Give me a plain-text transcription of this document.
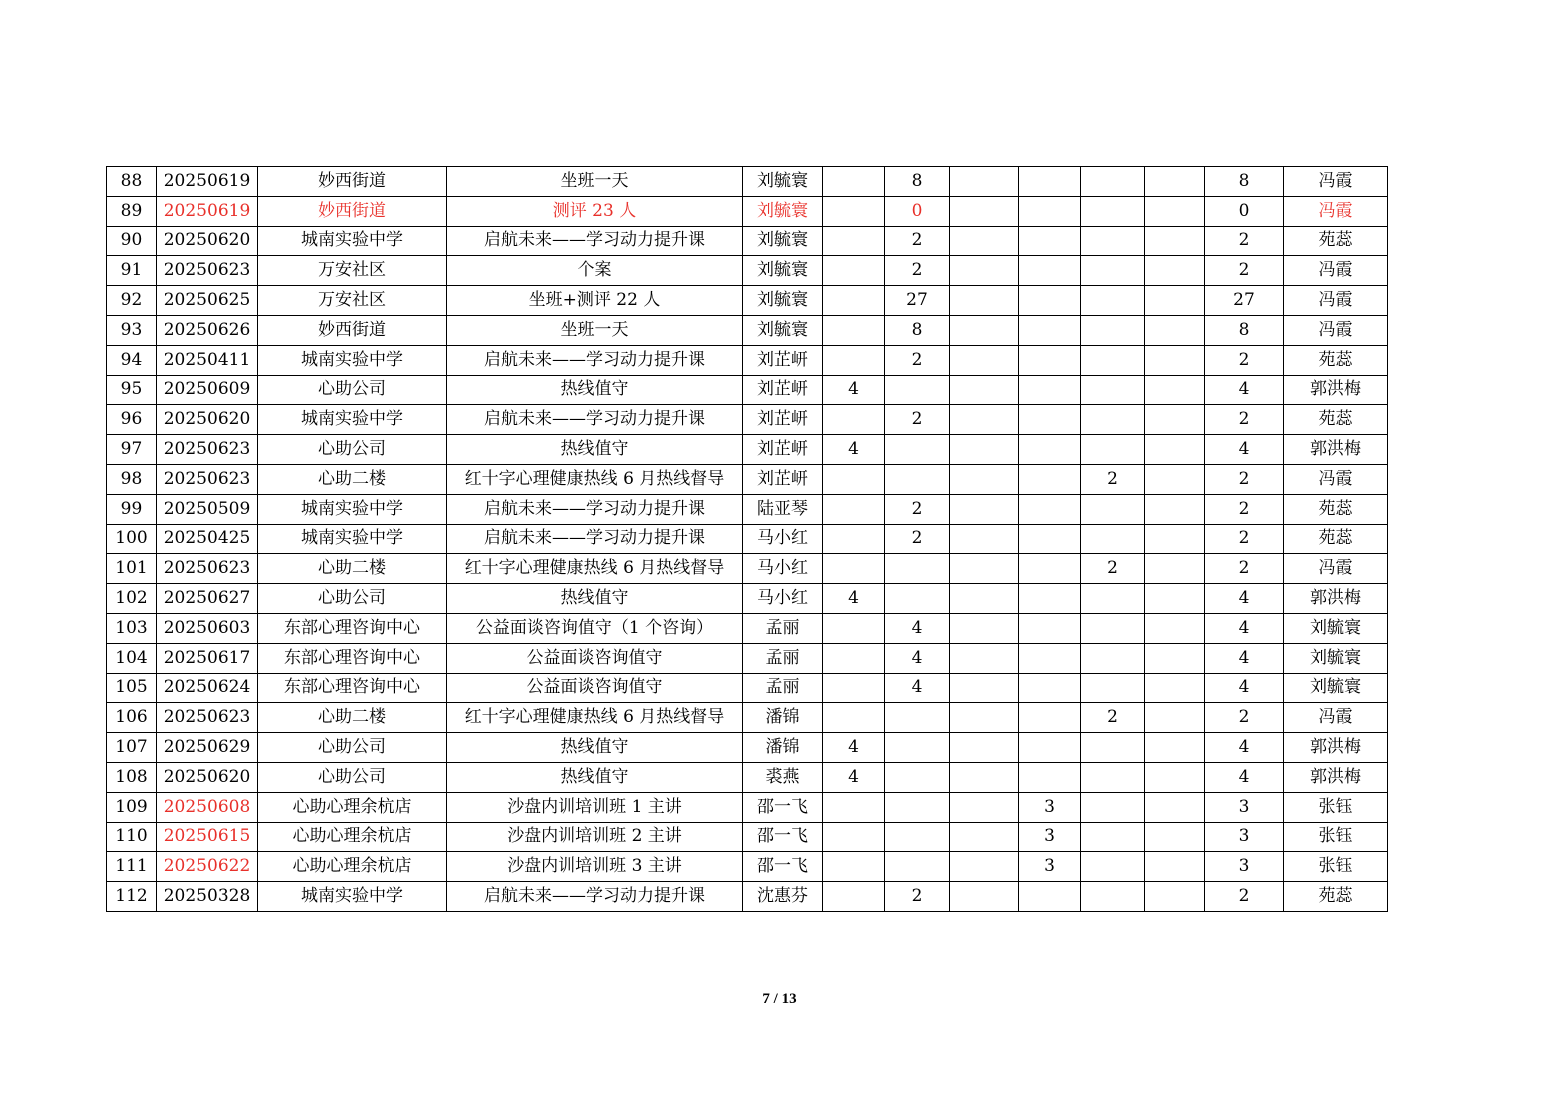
88	20250619	妙西街道	坐班一天	刘毓寰		8					8	冯霞
89	20250619	妙西街道	测评 23 人	刘毓寰		0					0	冯霞
90	20250620	城南实验中学	启航未来——学习动力提升课	刘毓寰		2					2	苑蕊
91	20250623	万安社区	个案	刘毓寰		2					2	冯霞
92	20250625	万安社区	坐班+测评 22 人	刘毓寰		27					27	冯霞
93	20250626	妙西街道	坐班一天	刘毓寰		8					8	冯霞
94	20250411	城南实验中学	启航未来——学习动力提升课	刘芷岍		2					2	苑蕊
95	20250609	心助公司	热线值守	刘芷岍	4						4	郭洪梅
96	20250620	城南实验中学	启航未来——学习动力提升课	刘芷岍		2					2	苑蕊
97	20250623	心助公司	热线值守	刘芷岍	4						4	郭洪梅
98	20250623	心助二楼	红十字心理健康热线 6 月热线督导	刘芷岍					2		2	冯霞
99	20250509	城南实验中学	启航未来——学习动力提升课	陆亚琴		2					2	苑蕊
100	20250425	城南实验中学	启航未来——学习动力提升课	马小红		2					2	苑蕊
101	20250623	心助二楼	红十字心理健康热线 6 月热线督导	马小红					2		2	冯霞
102	20250627	心助公司	热线值守	马小红	4						4	郭洪梅
103	20250603	东部心理咨询中心	公益面谈咨询值守（1 个咨询）	孟丽		4					4	刘毓寰
104	20250617	东部心理咨询中心	公益面谈咨询值守	孟丽		4					4	刘毓寰
105	20250624	东部心理咨询中心	公益面谈咨询值守	孟丽		4					4	刘毓寰
106	20250623	心助二楼	红十字心理健康热线 6 月热线督导	潘锦					2		2	冯霞
107	20250629	心助公司	热线值守	潘锦	4						4	郭洪梅
108	20250620	心助公司	热线值守	裘燕	4						4	郭洪梅
109	20250608	心助心理余杭店	沙盘内训培训班 1 主讲	邵一飞				3			3	张钰
110	20250615	心助心理余杭店	沙盘内训培训班 2 主讲	邵一飞				3			3	张钰
111	20250622	心助心理余杭店	沙盘内训培训班 3 主讲	邵一飞				3			3	张钰
112	20250328	城南实验中学	启航未来——学习动力提升课	沈惠芬		2					2	苑蕊
7 / 13
